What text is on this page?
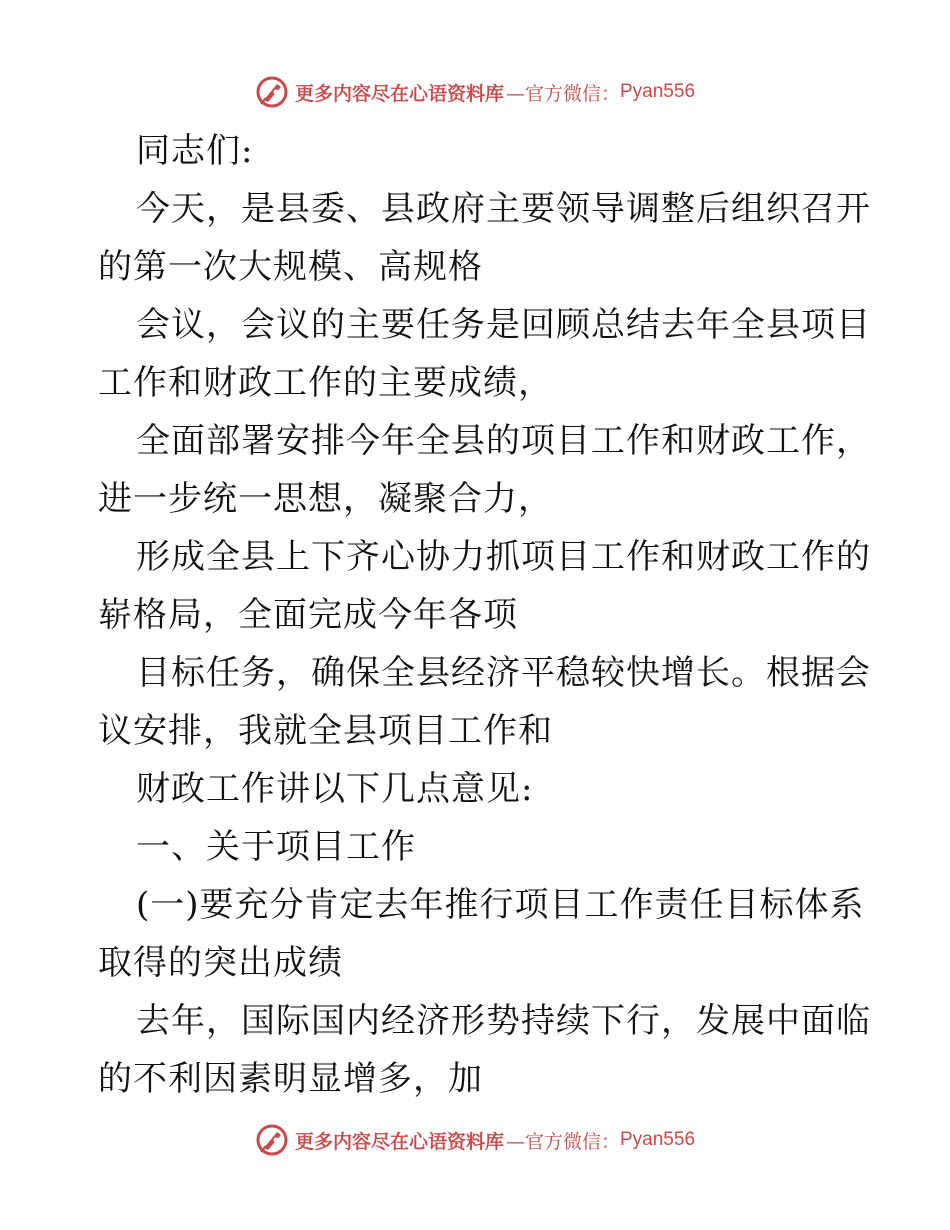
更多内容尽在心语资料库 —官方微信： Pyan556
同志们:
今天，是县委、县政府主要领导调整后组织召开
的第一次大规模、高规格
会议，会议的主要任务是回顾总结去年全县项目
工作和财政工作的主要成绩，
全面部署安排今年全县的项目工作和财政工作，
进一步统一思想，凝聚合力，
形成全县上下齐心协力抓项目工作和财政工作的
崭格局，全面完成今年各项
目标任务，确保全县经济平稳较快增长。根据会
议安排，我就全县项目工作和
财政工作讲以下几点意见:
一、关于项目工作
(一)要充分肯定去年推行项目工作责任目标体系
取得的突出成绩
去年，国际国内经济形势持续下行，发展中面临
的不利因素明显增多，加
更多内容尽在心语资料库 —官方微信： Pyan556
